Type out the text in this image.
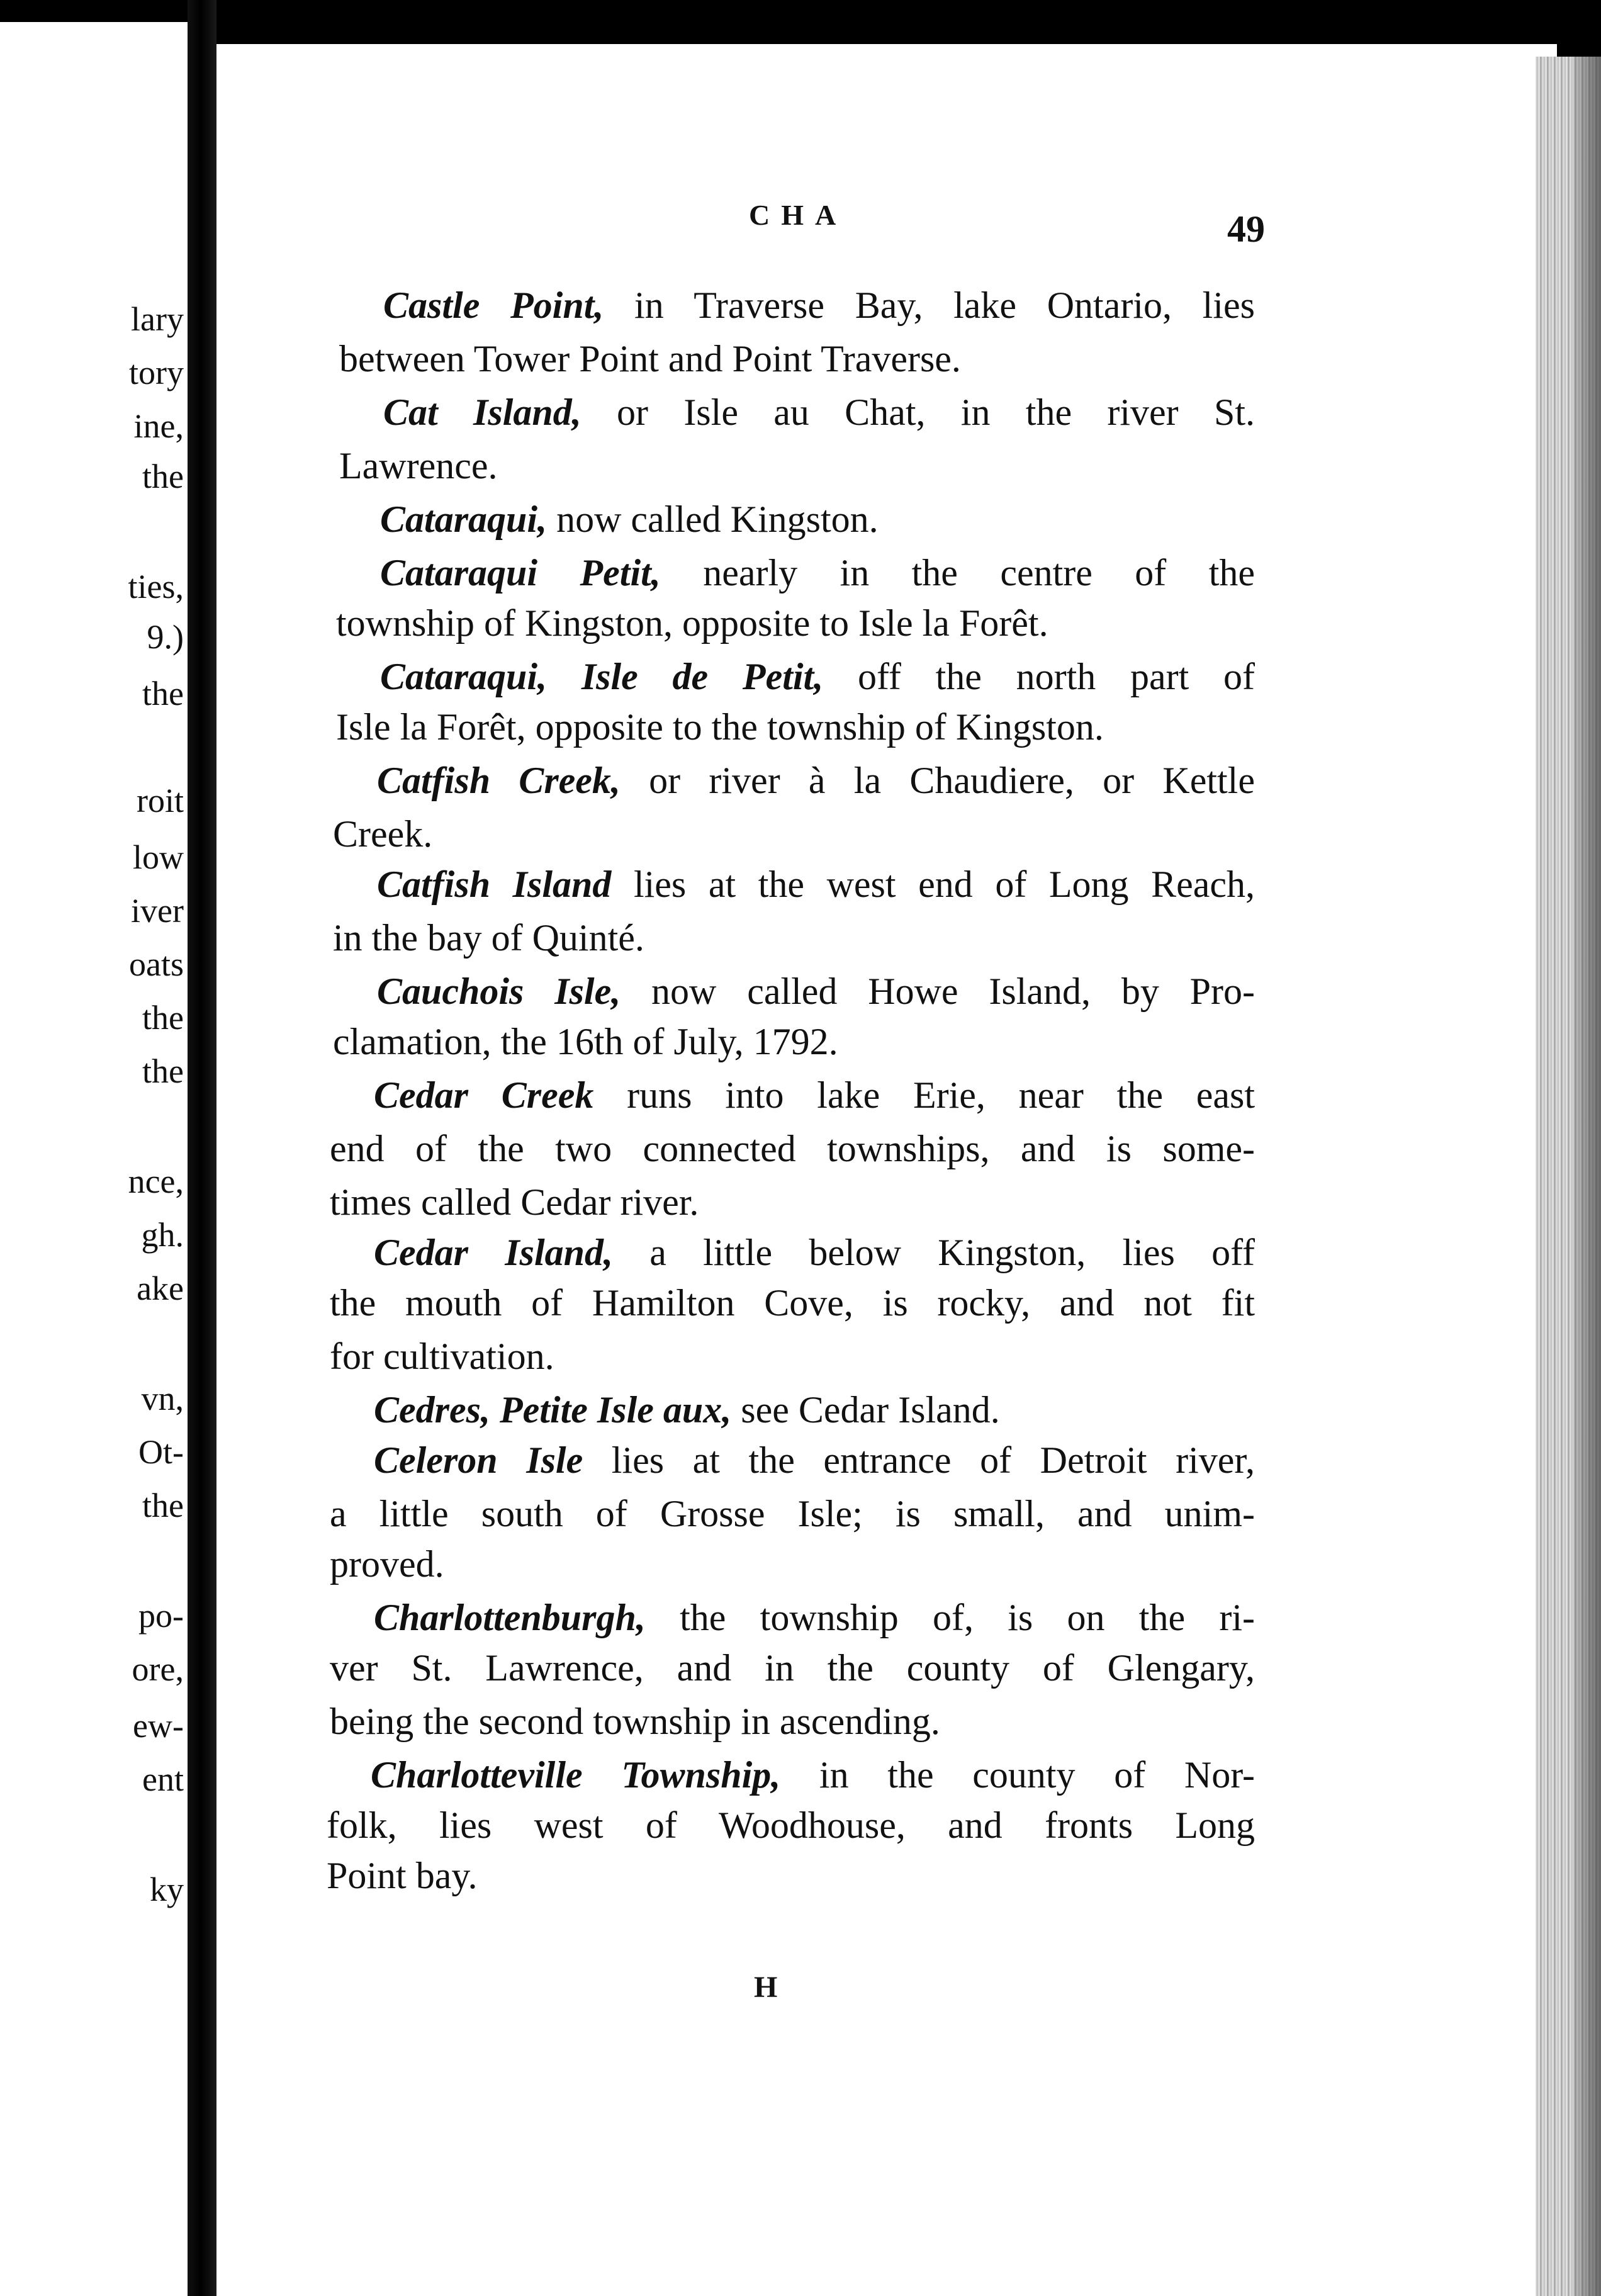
lary

tory

ine,

the

ties,

9.)

the

roit

low

iver

oats

the

the

nce,

gh.

ake

vn,

Ot-

the

po-

ore,

ew-

ent

ky

CHA	49

Castle Point, in Traverse Bay, lake Ontario, lies

between Tower Point and Point Traverse.

Cat Island, or Isle au Chat, in the river St.

Lawrence.

Cataraqui, now called Kingston.

Cataraqui Petit, nearly in the centre of the

township of Kingston, opposite to Isle la Forêt.

Cataraqui, Isle de Petit, off the north part of

Isle la Forêt, opposite to the township of Kingston.

Catfish Creek, or river à la Chaudiere, or Kettle

Creek.

Catfish Island lies at the west end of Long Reach,

in the bay of Quinté.

Cauchois Isle, now called Howe Island, by Pro-

clamation, the 16th of July, 1792.

Cedar Creek runs into lake Erie, near the east

end of the two connected townships, and is some-

times called Cedar river.

Cedar Island, a little below Kingston, lies off

the mouth of Hamilton Cove, is rocky, and not fit

for cultivation.

Cedres, Petite Isle aux, see Cedar Island.

Celeron Isle lies at the entrance of Detroit river,

a little south of Grosse Isle; is small, and unim-

proved.

Charlottenburgh, the township of, is on the ri-

ver St. Lawrence, and in the county of Glengary,

being the second township in ascending.

Charlotteville Township, in the county of Nor-

folk, lies west of Woodhouse, and fronts Long

Point bay.

H
